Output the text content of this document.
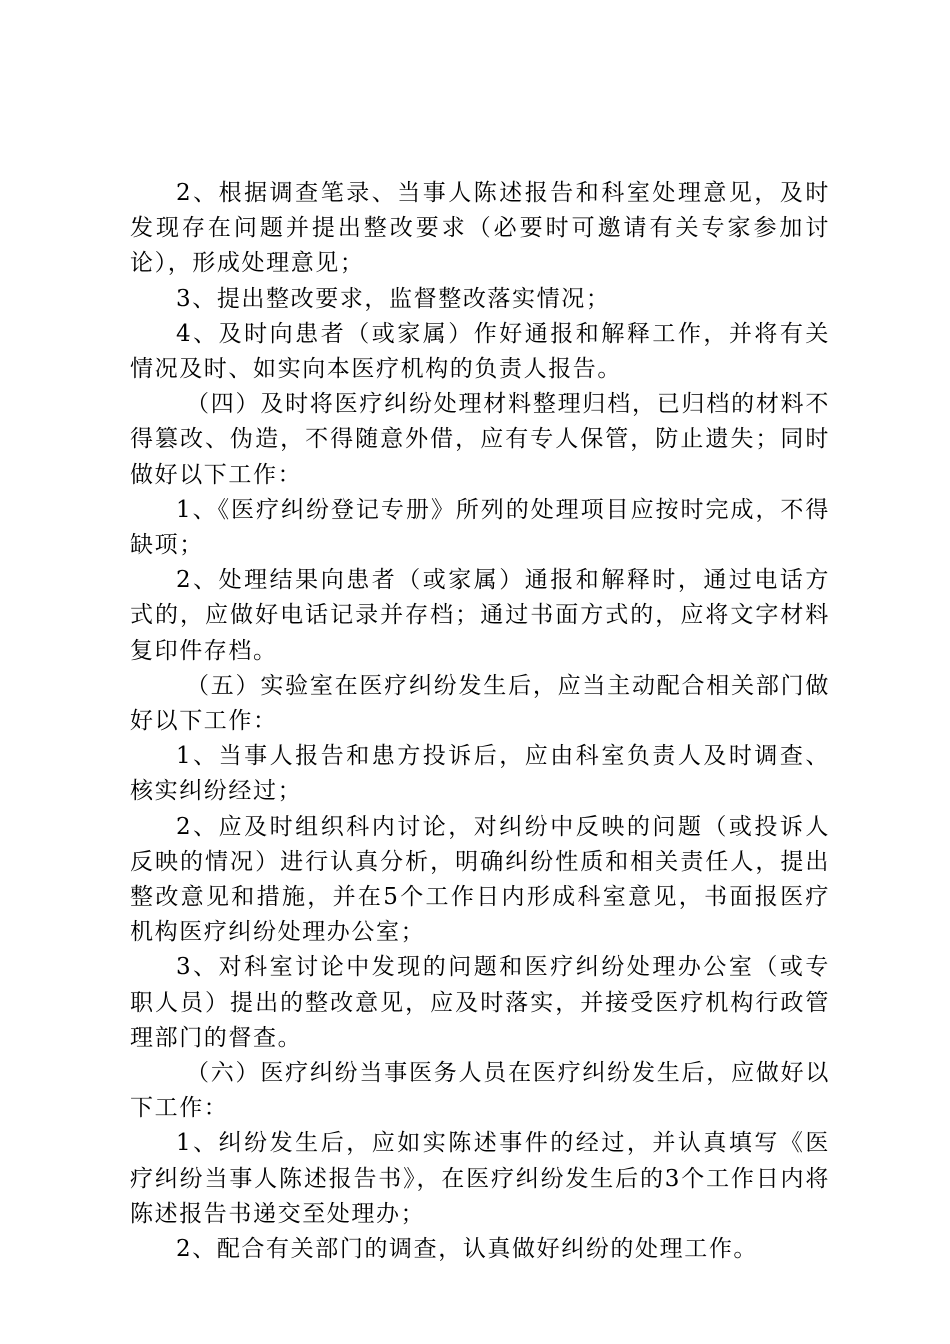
2、根据调查笔录、当事人陈述报告和科室处理意见，及时发现存在问题并提出整改要求（必要时可邀请有关专家参加讨论），形成处理意见；

3、提出整改要求，监督整改落实情况；

4、及时向患者（或家属）作好通报和解释工作，并将有关情况及时、如实向本医疗机构的负责人报告。

（四）及时将医疗纠纷处理材料整理归档，已归档的材料不得篡改、伪造，不得随意外借，应有专人保管，防止遗失；同时做好以下工作：

1、《医疗纠纷登记专册》所列的处理项目应按时完成，不得缺项；

2、处理结果向患者（或家属）通报和解释时，通过电话方式的，应做好电话记录并存档；通过书面方式的，应将文字材料复印件存档。

（五）实验室在医疗纠纷发生后，应当主动配合相关部门做好以下工作：

1、当事人报告和患方投诉后，应由科室负责人及时调查、核实纠纷经过；

2、应及时组织科内讨论，对纠纷中反映的问题（或投诉人反映的情况）进行认真分析，明确纠纷性质和相关责任人，提出整改意见和措施，并在5个工作日内形成科室意见，书面报医疗机构医疗纠纷处理办公室；

3、对科室讨论中发现的问题和医疗纠纷处理办公室（或专职人员）提出的整改意见，应及时落实，并接受医疗机构行政管理部门的督查。

（六）医疗纠纷当事医务人员在医疗纠纷发生后，应做好以下工作：

1、纠纷发生后，应如实陈述事件的经过，并认真填写《医疗纠纷当事人陈述报告书》，在医疗纠纷发生后的3个工作日内将陈述报告书递交至处理办；

2、配合有关部门的调查，认真做好纠纷的处理工作。
